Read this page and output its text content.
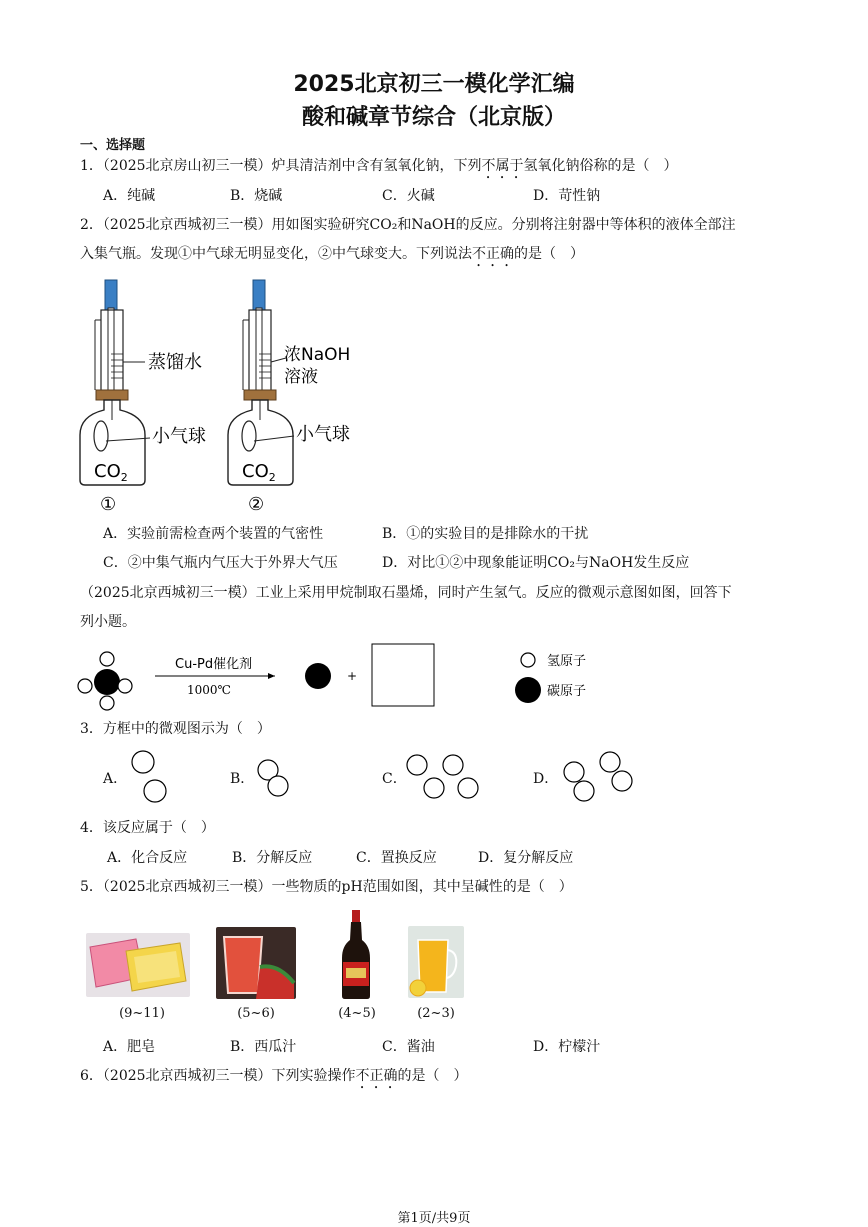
2025北京初三一模化学汇编
酸和碱章节综合（北京版）
一、选择题
1．（2025北京房山初三一模）炉具清洁剂中含有氢氧化钠，下列不属于氢氧化钠俗称的是（　）
A．纯碱	B．烧碱	C．火碱	D．苛性钠
2．（2025北京西城初三一模）用如图实验研究CO₂和NaOH的反应。分别将注射器中等体积的液体全部注
入集气瓶。发现①中气球无明显变化，②中气球变大。下列说法不正确的是（　）
$CO_2$
①
蒸馏水
小气球
$CO_2$
②
浓NaOH
溶液
小气球
A．实验前需检查两个装置的气密性	B．①的实验目的是排除水的干扰
C．②中集气瓶内气压大于外界大气压	D．对比①②中现象能证明CO₂与NaOH发生反应
（2025北京西城初三一模）工业上采用甲烷制取石墨烯，同时产生氢气。反应的微观示意图如图，回答下
列小题。
Cu-Pd催化剂
1000℃
+
氢原子
碳原子
3．方框中的微观图示为（　）
A．	B．	C．	D．
4．该反应属于（　）
A．化合反应	B．分解反应	C．置换反应	D．复分解反应
5．（2025北京西城初三一模）一些物质的pH范围如图，其中呈碱性的是（　）
(9~11)	(5~6)	(4~5)	(2~3)
A．肥皂	B．西瓜汁	C．酱油	D．柠檬汁
6．（2025北京西城初三一模）下列实验操作不正确的是（　）
第1页/共9页
